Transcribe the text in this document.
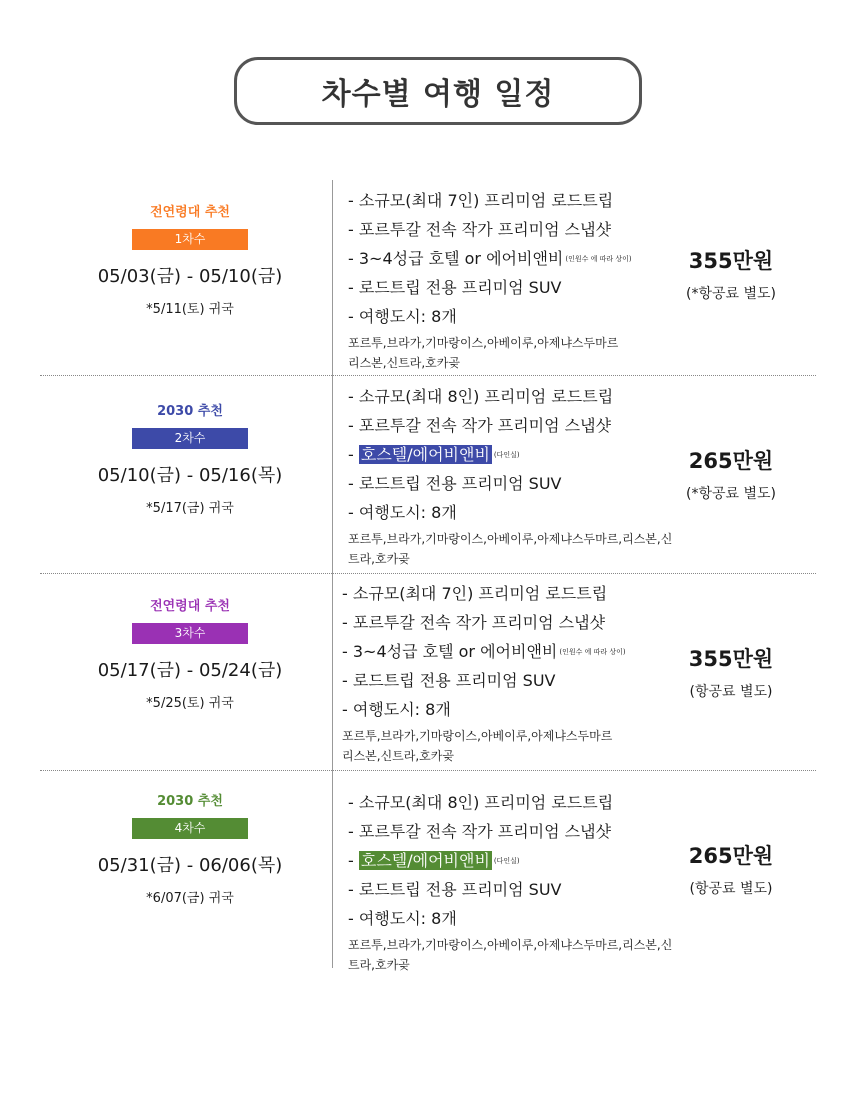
차수별 여행 일정
전연령대 추천
1차수
05/03(금) - 05/10(금)
*5/11(토) 귀국
- 소규모(최대 7인) 프리미엄 로드트립
- 포르투갈 전속 작가 프리미엄 스냅샷
- 3~4성급 호텔 or 에어비앤비 (인원수 에 따라 상이)
- 로드트립 전용 프리미엄 SUV
- 여행도시: 8개
포르투,브라가,기마랑이스,아베이루,아제냐스두마르
리스본,신트라,호카곶
355만원
(*항공료 별도)
2030 추천
2차수
05/10(금) - 05/16(목)
*5/17(금) 귀국
- 소규모(최대 8인) 프리미엄 로드트립
- 포르투갈 전속 작가 프리미엄 스냅샷
- 호스텔/에어비앤비 (다인실)
- 로드트립 전용 프리미엄 SUV
- 여행도시: 8개
포르투,브라가,기마랑이스,아베이루,아제냐스두마르,리스본,신
트라,호카곶
265만원
(*항공료 별도)
전연령대 추천
3차수
05/17(금) - 05/24(금)
*5/25(토) 귀국
- 소규모(최대 7인) 프리미엄 로드트립
- 포르투갈 전속 작가 프리미엄 스냅샷
- 3~4성급 호텔 or 에어비앤비 (인원수 에 따라 상이)
- 로드트립 전용 프리미엄 SUV
- 여행도시: 8개
포르투,브라가,기마랑이스,아베이루,아제냐스두마르
리스본,신트라,호카곶
355만원
(항공료 별도)
2030 추천
4차수
05/31(금) - 06/06(목)
*6/07(금) 귀국
- 소규모(최대 8인) 프리미엄 로드트립
- 포르투갈 전속 작가 프리미엄 스냅샷
- 호스텔/에어비앤비 (다인실)
- 로드트립 전용 프리미엄 SUV
- 여행도시: 8개
포르투,브라가,기마랑이스,아베이루,아제냐스두마르,리스본,신
트라,호카곶
265만원
(항공료 별도)
